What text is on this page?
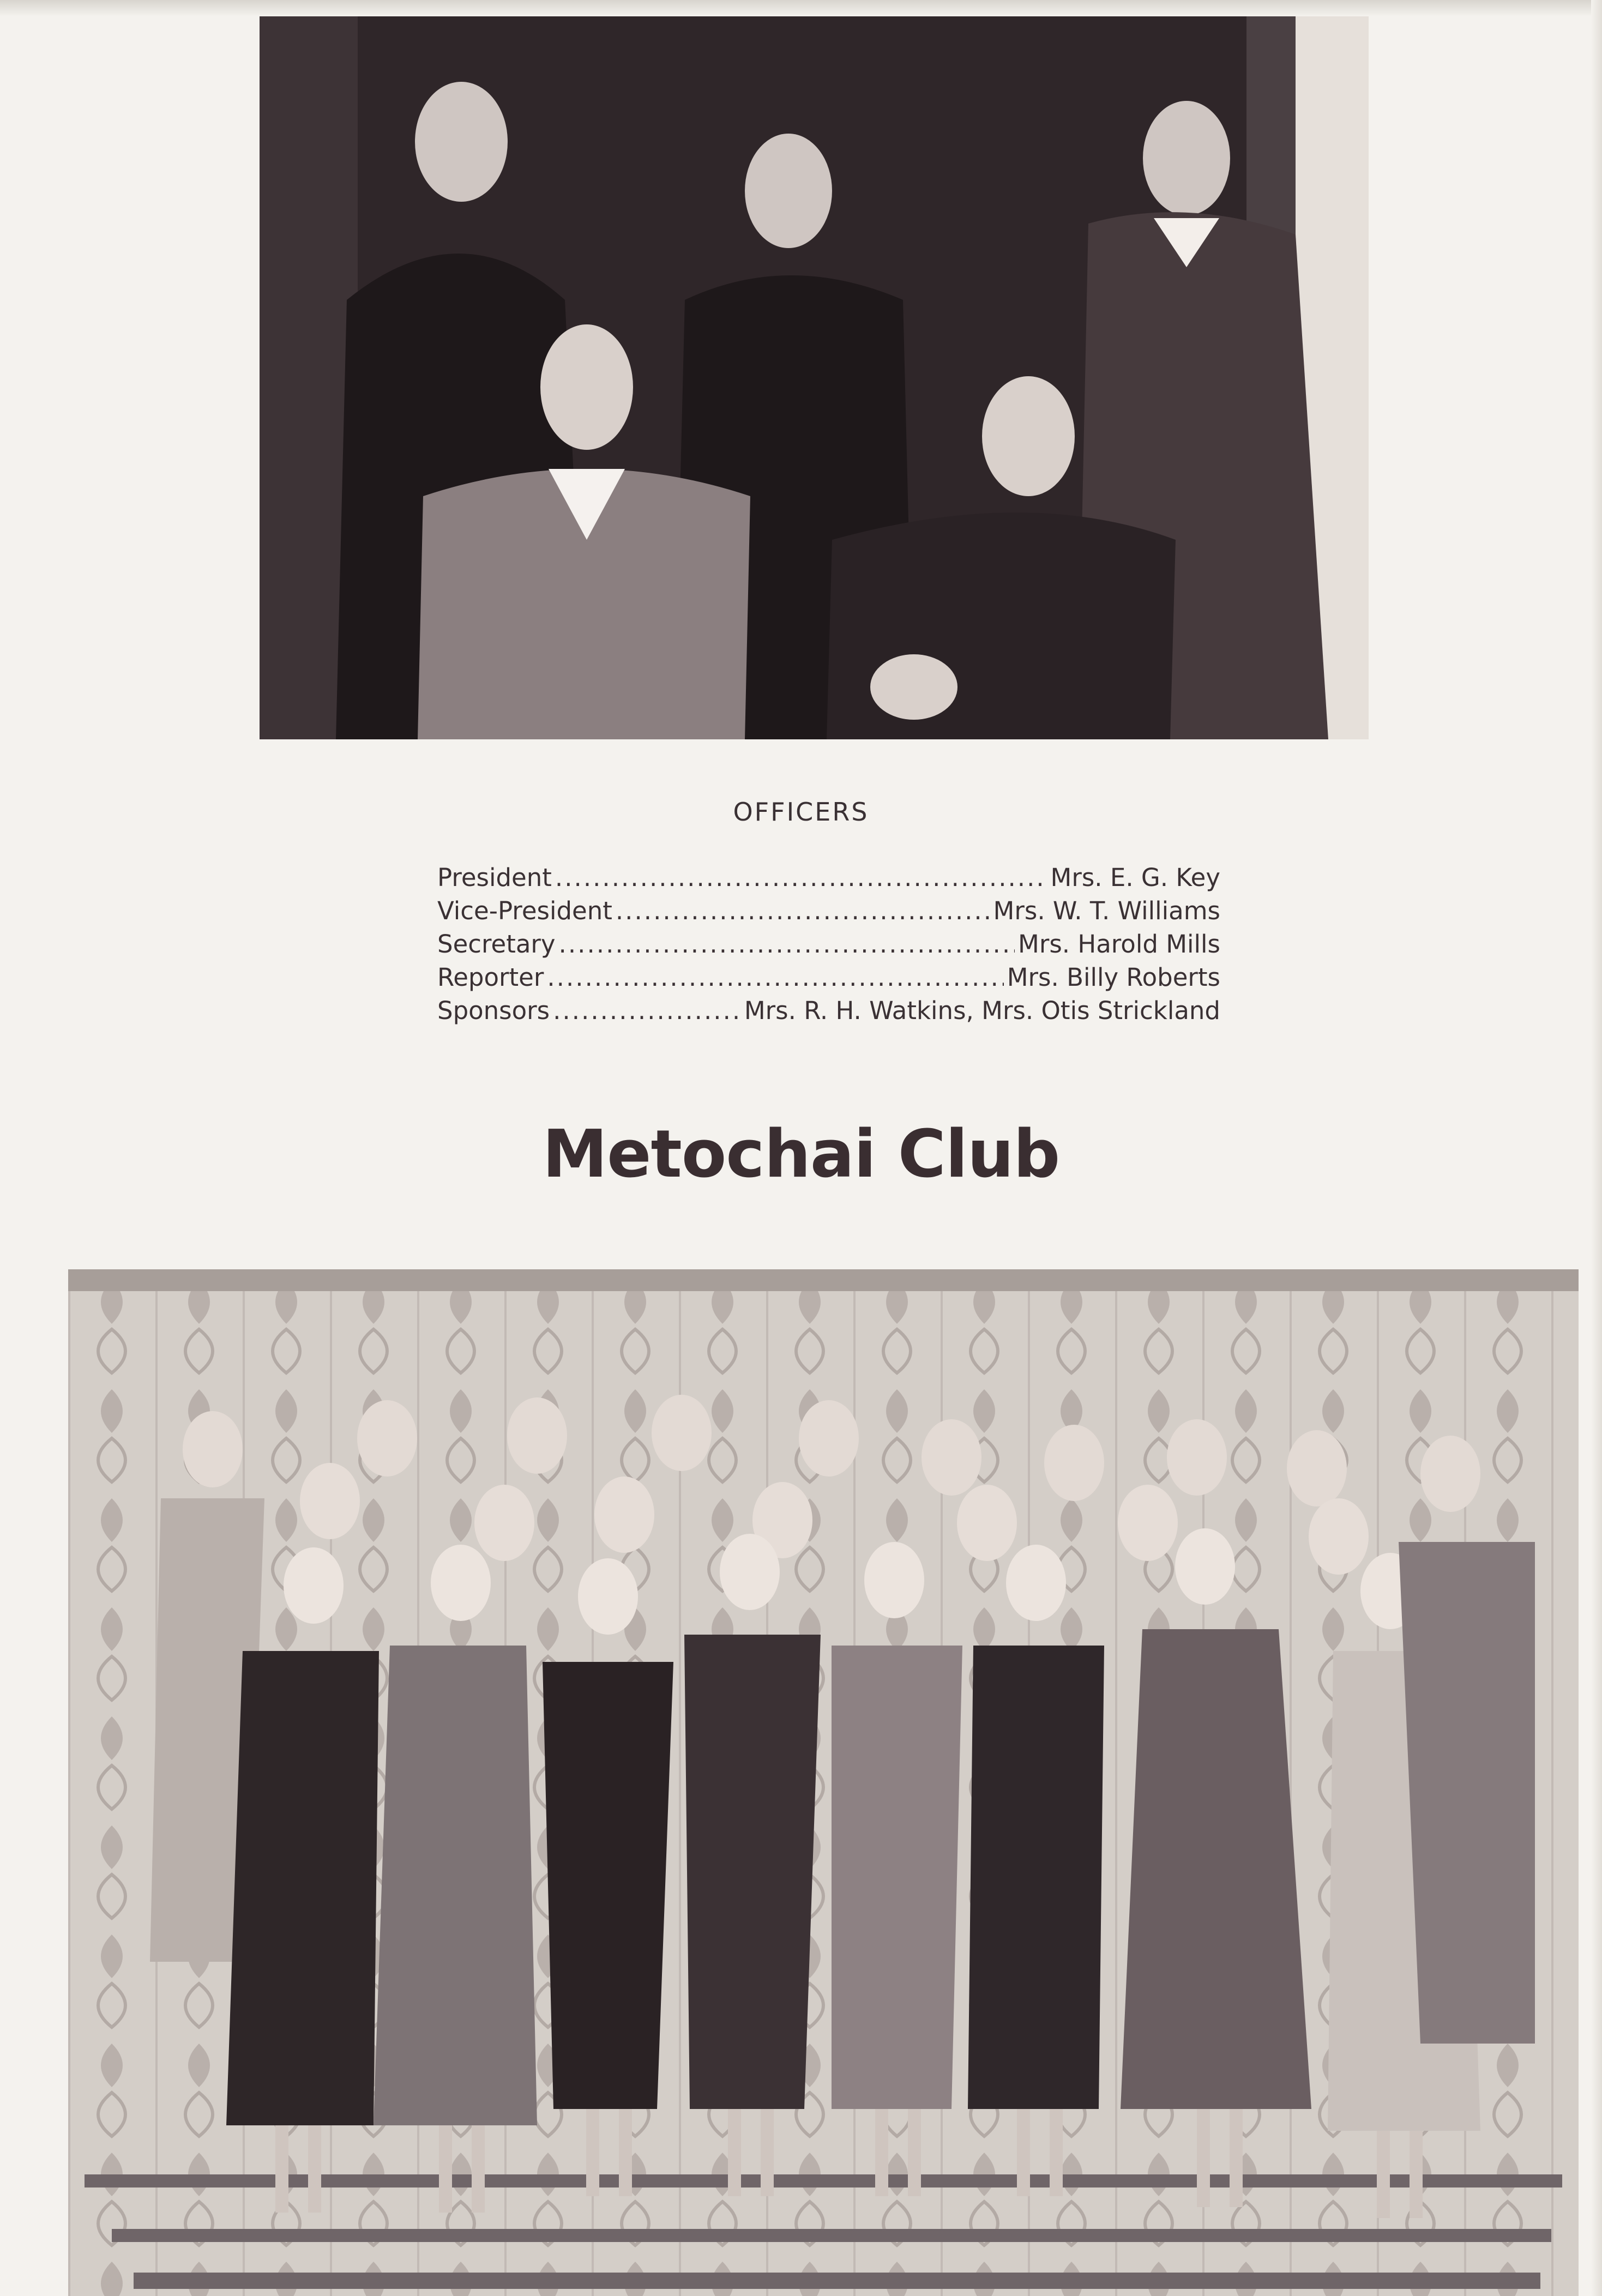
OFFICERS
President .....	Mrs. E. G. Key
Vice-President .....	Mrs. W. T. Williams
Secretary .....	Mrs. Harold Mills
Reporter .....	Mrs. Billy Roberts
Sponsors .....	Mrs. R. H. Watkins, Mrs. Otis Strickland
Metochai Club
